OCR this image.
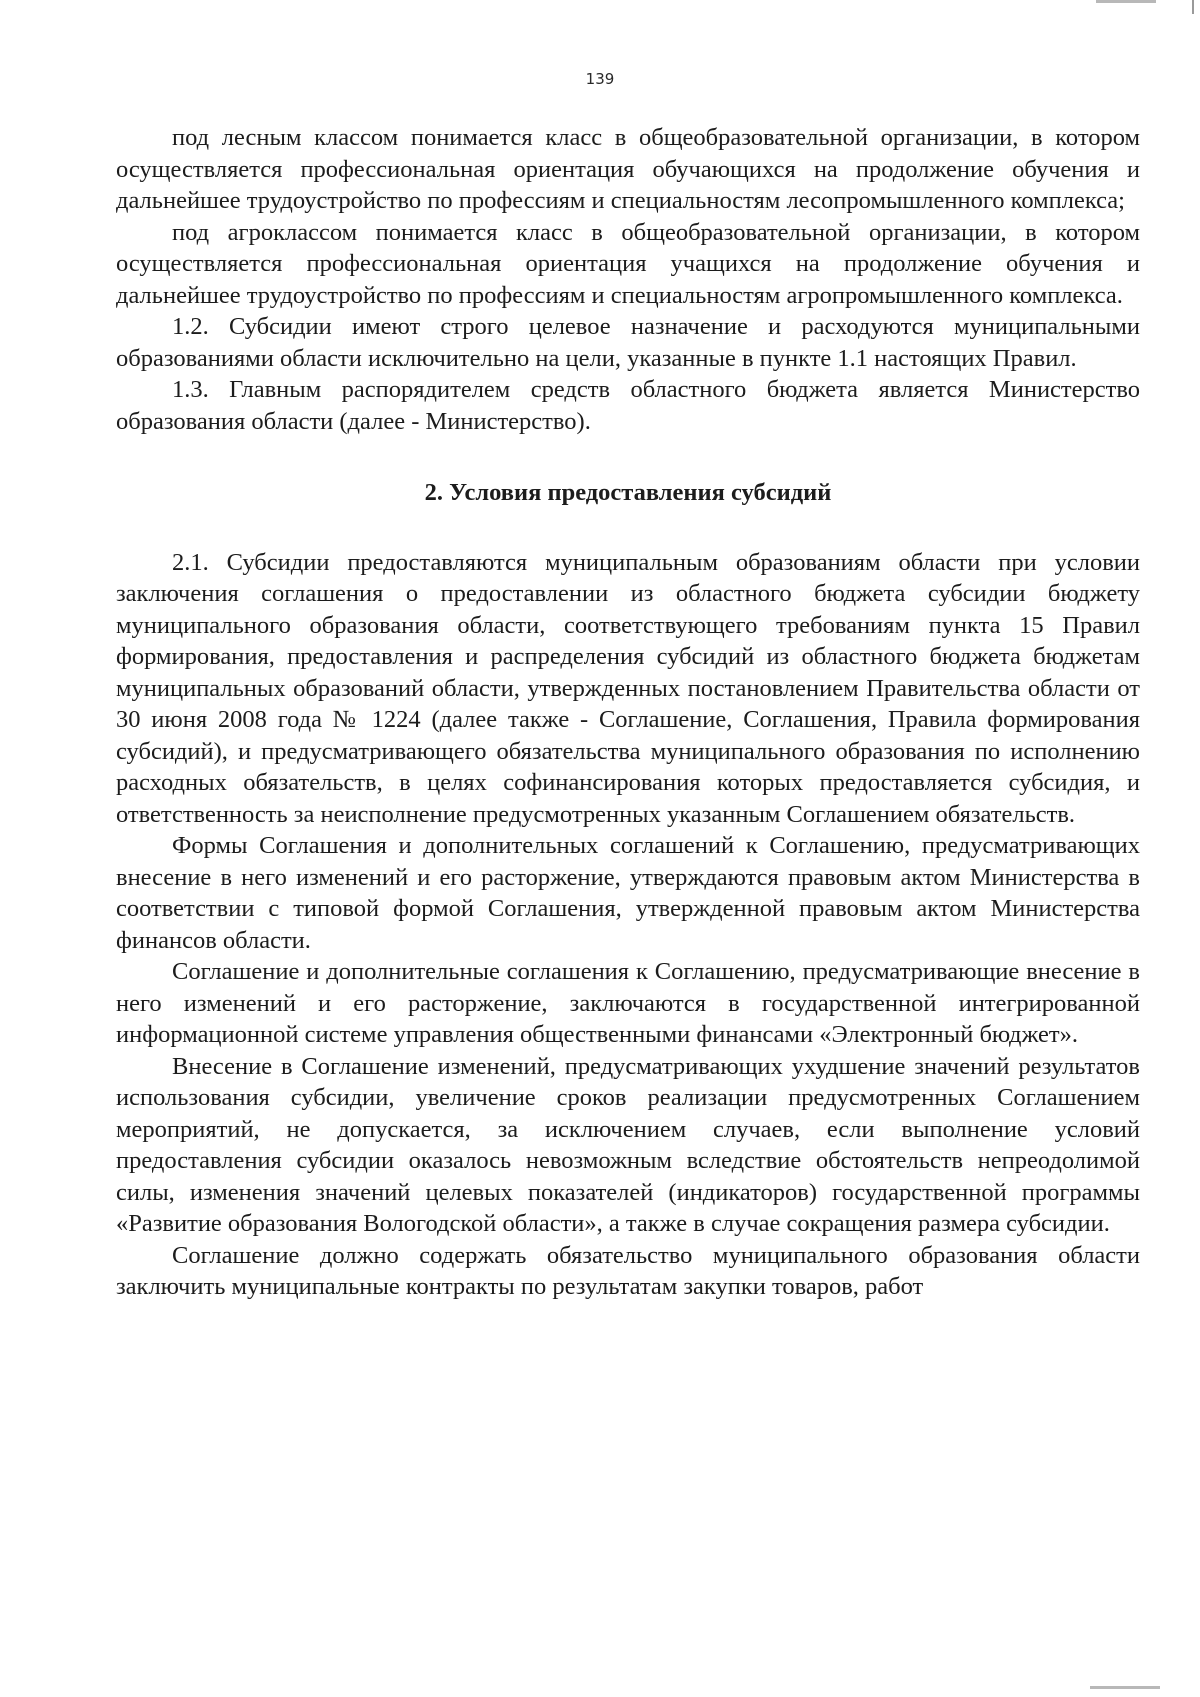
139

под лесным классом понимается класс в общеобразовательной организации, в котором осуществляется профессиональная ориентация обучающихся на продолжение обучения и дальнейшее трудоустройство по профессиям и специальностям лесопромышленного комплекса;

под агроклассом понимается класс в общеобразовательной организации, в котором осуществляется профессиональная ориентация учащихся на продолжение обучения и дальнейшее трудоустройство по профессиям и специальностям агропромышленного комплекса.

1.2. Субсидии имеют строго целевое назначение и расходуются муниципальными образованиями области исключительно на цели, указанные в пункте 1.1 настоящих Правил.

1.3. Главным распорядителем средств областного бюджета является Министерство образования области (далее - Министерство).

2. Условия предоставления субсидий

2.1. Субсидии предоставляются муниципальным образованиям области при условии заключения соглашения о предоставлении из областного бюджета субсидии бюджету муниципального образования области, соответствующего требованиям пункта 15 Правил формирования, предоставления и распределения субсидий из областного бюджета бюджетам муниципальных образований области, утвержденных постановлением Правительства области от 30 июня 2008 года № 1224 (далее также - Соглашение, Соглашения, Правила формирования субсидий), и предусматривающего обязательства муниципального образования по исполнению расходных обязательств, в целях софинансирования которых предоставляется субсидия, и ответственность за неисполнение предусмотренных указанным Соглашением обязательств.

Формы Соглашения и дополнительных соглашений к Соглашению, предусматривающих внесение в него изменений и его расторжение, утверждаются правовым актом Министерства в соответствии с типовой формой Соглашения, утвержденной правовым актом Министерства финансов области.

Соглашение и дополнительные соглашения к Соглашению, предусматривающие внесение в него изменений и его расторжение, заключаются в государственной интегрированной информационной системе управления общественными финансами «Электронный бюджет».

Внесение в Соглашение изменений, предусматривающих ухудшение значений результатов использования субсидии, увеличение сроков реализации предусмотренных Соглашением мероприятий, не допускается, за исключением случаев, если выполнение условий предоставления субсидии оказалось невозможным вследствие обстоятельств непреодолимой силы, изменения значений целевых показателей (индикаторов) государственной программы «Развитие образования Вологодской области», а также в случае сокращения размера субсидии.

Соглашение должно содержать обязательство муниципального образования области заключить муниципальные контракты по результатам закупки товаров, работ
